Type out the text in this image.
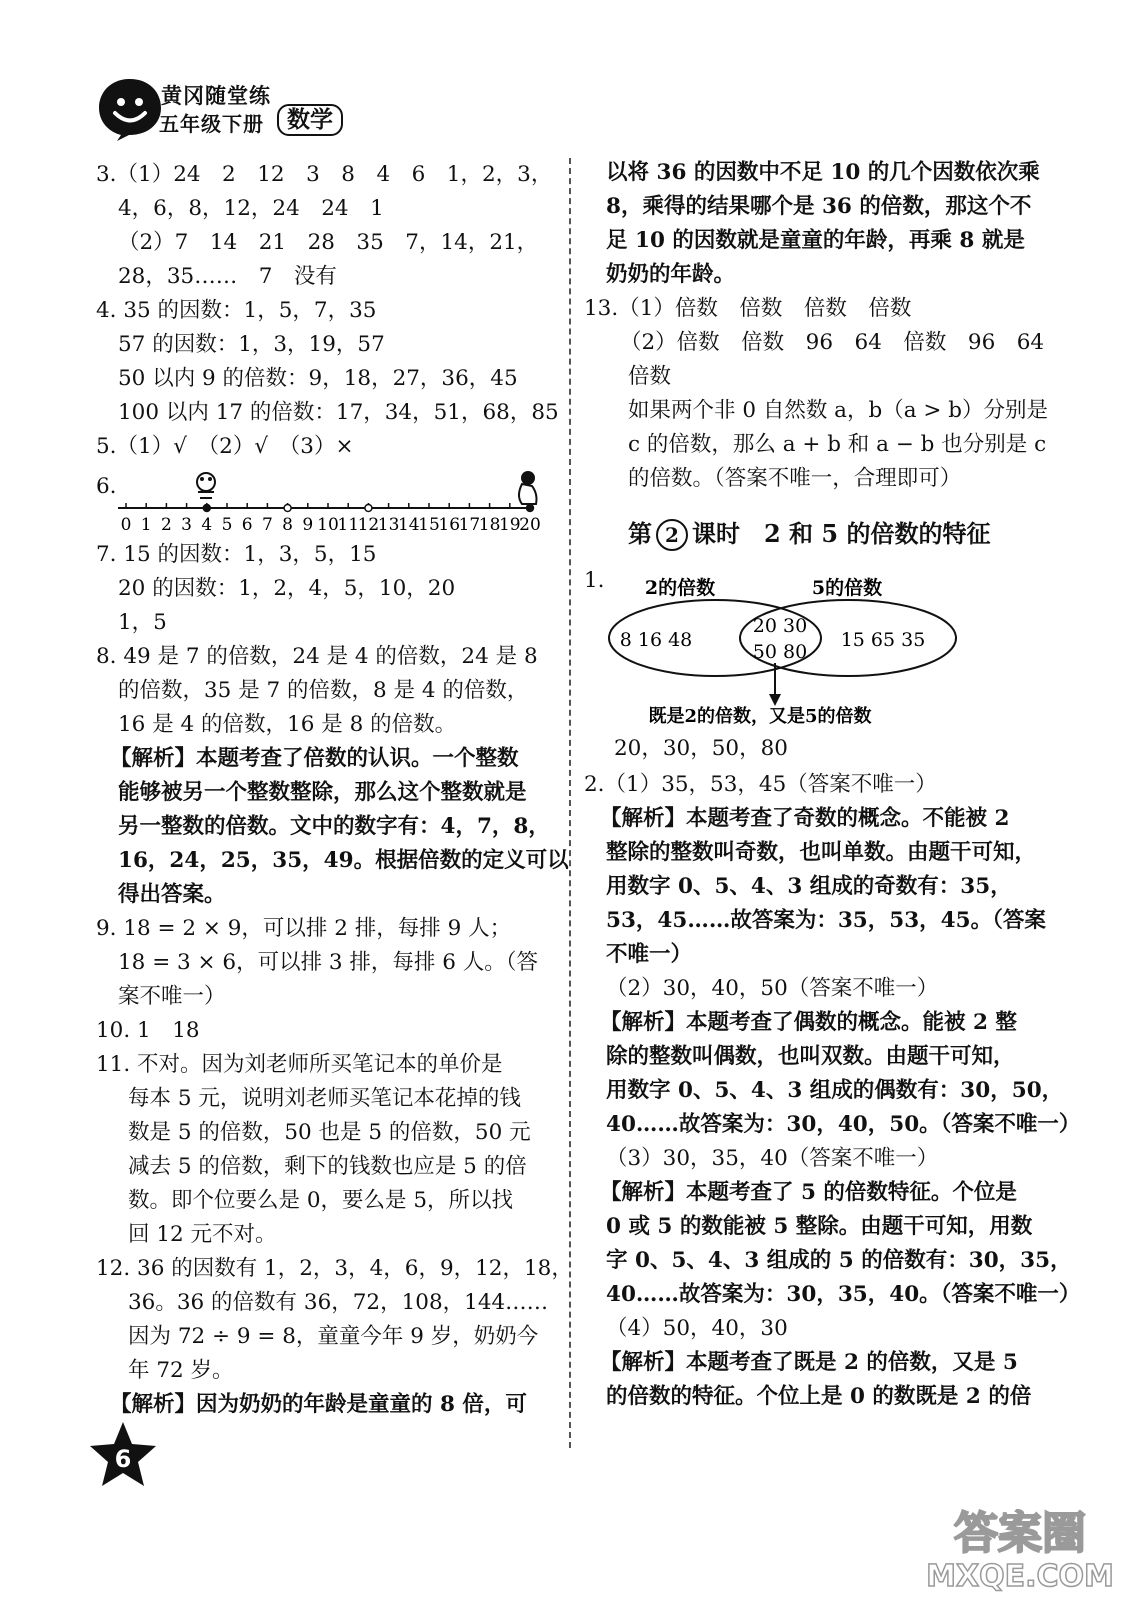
黄冈随堂练
五年级下册	数学

3.（1）24　2　12　3　8　4　6　1，2，3，

4，6，8，12，24　24　1

（2）7　14　21　28　35　7，14，21，

28，35……　7　没有

4. 35 的因数：1，5，7，35

57 的因数：1，3，19，57

50 以内 9 的倍数：9，18，27，36，45

100 以内 17 的倍数：17，34，51，68，85

5.（1）√　（2）√　（3）×

6.

0 1 2 3 4 5 6 7 8 9 10
11
12
13
14
15
16
17
18
19
20

7. 15 的因数：1，3，5，15

20 的因数：1，2，4，5，10，20

1，5

8. 49 是 7 的倍数，24 是 4 的倍数，24 是 8

的倍数，35 是 7 的倍数，8 是 4 的倍数，

16 是 4 的倍数，16 是 8 的倍数。

【解析】本题考查了倍数的认识。一个整数

能够被另一个整数整除，那么这个整数就是

另一整数的倍数。文中的数字有：4，7，8，

16，24，25，35，49。根据倍数的定义可以

得出答案。

9. 18 = 2 × 9，可以排 2 排，每排 9 人；

18 = 3 × 6，可以排 3 排，每排 6 人。（答

案不唯一）

10. 1　18

11. 不对。因为刘老师所买笔记本的单价是

每本 5 元，说明刘老师买笔记本花掉的钱

数是 5 的倍数，50 也是 5 的倍数，50 元

减去 5 的倍数，剩下的钱数也应是 5 的倍

数。即个位要么是 0，要么是 5，所以找

回 12 元不对。

12. 36 的因数有 1，2，3，4，6，9，12，18，

36。36 的倍数有 36，72，108，144……

因为 72 ÷ 9 = 8，童童今年 9 岁，奶奶今

年 72 岁。

【解析】因为奶奶的年龄是童童的 8 倍，可

以将 36 的因数中不足 10 的几个因数依次乘

8，乘得的结果哪个是 36 的倍数，那这个不

足 10 的因数就是童童的年龄，再乘 8 就是

奶奶的年龄。

13.（1）倍数　倍数　倍数　倍数

（2）倍数　倍数　96　64　倍数　96　64

倍数

如果两个非 0 自然数 a，b（a > b）分别是

c 的倍数，那么 a + b 和 a − b 也分别是 c

的倍数。（答案不唯一，合理即可）

第 2 课时　2 和 5 的倍数的特征

1. 2的倍数	5的倍数
8 16 48
20 30
50 80
15 65 35
既是2的倍数，又是5的倍数

20，30，50，80

2.（1）35，53，45（答案不唯一）

【解析】本题考查了奇数的概念。不能被 2

整除的整数叫奇数，也叫单数。由题干可知，

用数字 0、5、4、3 组成的奇数有：35，

53，45……故答案为：35，53，45。（答案

不唯一）

（2）30，40，50（答案不唯一）

【解析】本题考查了偶数的概念。能被 2 整

除的整数叫偶数，也叫双数。由题干可知，

用数字 0、5、4、3 组成的偶数有：30，50，

40……故答案为：30，40，50。（答案不唯一）

（3）30，35，40（答案不唯一）

【解析】本题考查了 5 的倍数特征。个位是

0 或 5 的数能被 5 整除。由题干可知，用数

字 0、5、4、3 组成的 5 的倍数有：30，35，

40……故答案为：30，35，40。（答案不唯一）

（4）50，40，30

【解析】本题考查了既是 2 的倍数，又是 5

的倍数的特征。个位上是 0 的数既是 2 的倍

6
答案圈
MXQE.COM
